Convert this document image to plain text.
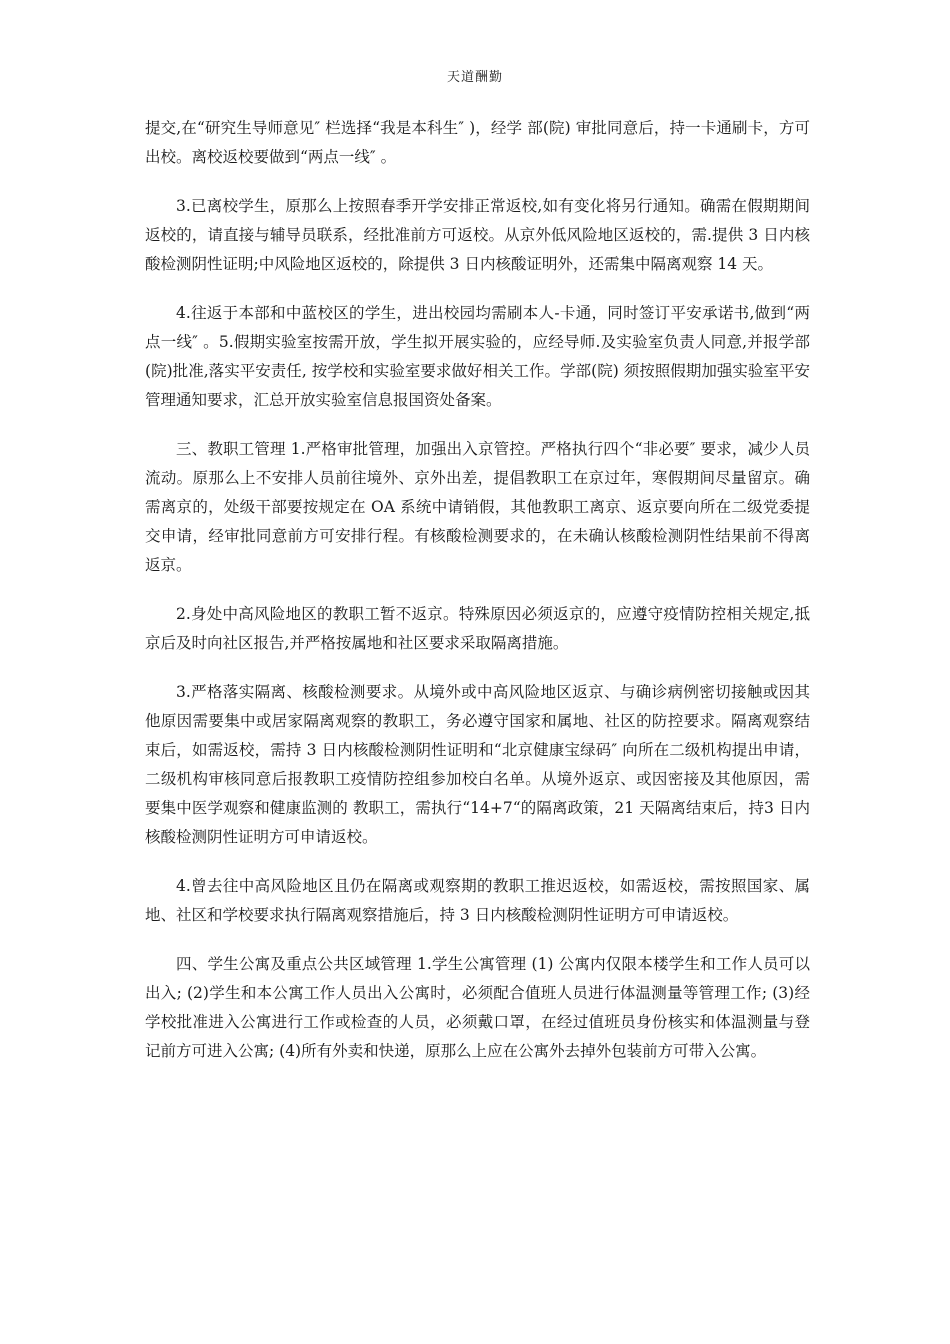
天道酬勤

提交,在“研究生导师意见″ 栏选择“我是本科生″ )，经学 部(院) 审批同意后，持一卡通刷卡，方可出校。离校返校要做到“两点一线″ 。

3.已离校学生，原那么上按照春季开学安排正常返校,如有变化将另行通知。确需在假期期间返校的，请直接与辅导员联系，经批准前方可返校。从京外低风险地区返校的，需.提供 3 日内核酸检测阴性证明;中风险地区返校的，除提供 3 日内核酸证明外，还需集中隔离观察 14 天。

4.往返于本部和中蓝校区的学生，进出校园均需刷本人-卡通，同时签订平安承诺书,做到“两点一线″ 。5.假期实验室按需开放，学生拟开展实验的，应经导师.及实验室负责人同意,并报学部(院)批准,落实平安责任, 按学校和实验室要求做好相关工作。学部(院) 须按照假期加强实验室平安管理通知要求，汇总开放实验室信息报国资处备案。

三、教职工管理 1.严格审批管理，加强出入京管控。严格执行四个“非必要″ 要求，减少人员流动。原那么上不安排人员前往境外、京外出差，提倡教职工在京过年，寒假期间尽量留京。确需离京的，处级干部要按规定在 OA 系统中请销假，其他教职工离京、返京要向所在二级党委提交申请，经审批同意前方可安排行程。有核酸检测要求的，在未确认核酸检测阴性结果前不得离返京。

2.身处中高风险地区的教职工暂不返京。特殊原因必须返京的，应遵守疫情防控相关规定,抵京后及时向社区报告,并严格按属地和社区要求采取隔离措施。

3.严格落实隔离、核酸检测要求。从境外或中高风险地区返京、与确诊病例密切接触或因其他原因需要集中或居家隔离观察的教职工，务必遵守国家和属地、社区的防控要求。隔离观察结束后，如需返校，需持 3 日内核酸检测阴性证明和“北京健康宝绿码″ 向所在二级机构提出申请，二级机构审核同意后报教职工疫情防控组参加校白名单。从境外返京、或因密接及其他原因，需要集中医学观察和健康监测的 教职工，需执行“14+7“的隔离政策，21 天隔离结束后，持3 日内核酸检测阴性证明方可申请返校。

4.曾去往中高风险地区且仍在隔离或观察期的教职工推迟返校，如需返校，需按照国家、属地、社区和学校要求执行隔离观察措施后，持 3 日内核酸检测阴性证明方可申请返校。

四、学生公寓及重点公共区域管理 1.学生公寓管理 (1) 公寓内仅限本楼学生和工作人员可以出入; (2)学生和本公寓工作人员出入公寓时，必须配合值班人员进行体温测量等管理工作; (3)经学校批准进入公寓进行工作或检查的人员，必须戴口罩，在经过值班员身份核实和体温测量与登记前方可进入公寓; (4)所有外卖和快递，原那么上应在公寓外去掉外包装前方可带入公寓。
